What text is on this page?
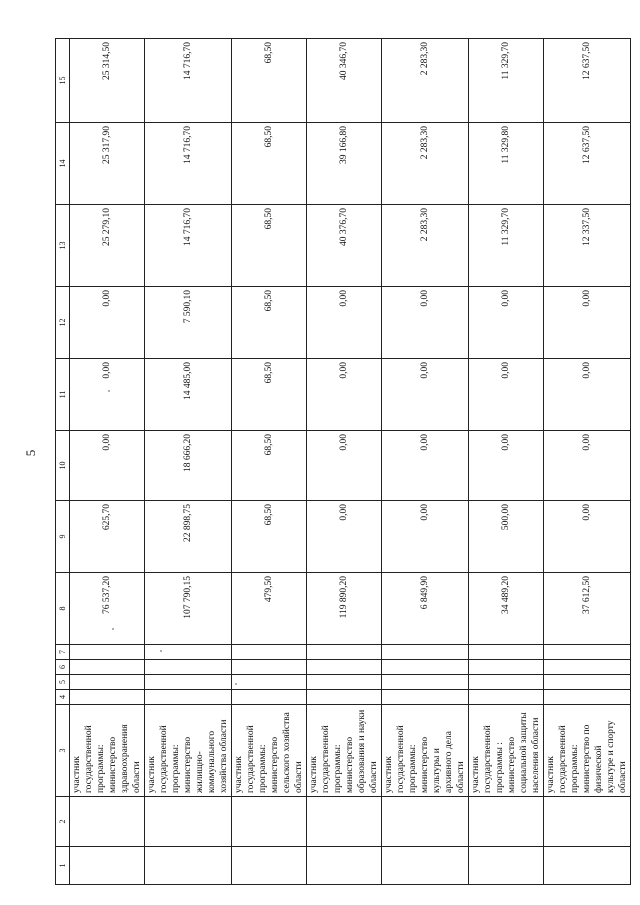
5
1	2	3	4	5	6	7	8	9	10	11	12	13	14	15
		участник государственной программы: министерство здравоохранения области					76 537,20	625,70	0,00	0,00	0,00	25 279,10	25 317,90	25 314,50
		участник государственной программы: министерство жилищно-коммунального хозяйства области					107 790,15	22 898,75	18 666,20	14 485,00	7 590,10	14 716,70	14 716,70	14 716,70
		участник государственной программы: министерство сельского хозяйства области					479,50	68,50	68,50	68,50	68,50	68,50	68,50	68,50
		участник государственной программы: министерство образования и науки области					119 890,20	0,00	0,00	0,00	0,00	40 376,70	39 166,80	40 346,70
		участник государственной программы: министерство культуры и архивного дела области					6 849,90	0,00	0,00	0,00	0,00	2 283,30	2 283,30	2 283,30
		участник государственной программы : министерство социальной защиты населения области					34 489,20	500,00	0,00	0,00	0,00	11 329,70	11 329,80	11 329,70
		участник государственной программы: министерство по физической культуре и спорту области					37 612,50	0,00	0,00	0,00	0,00	12 337,50	12 637,50	12 637,50
